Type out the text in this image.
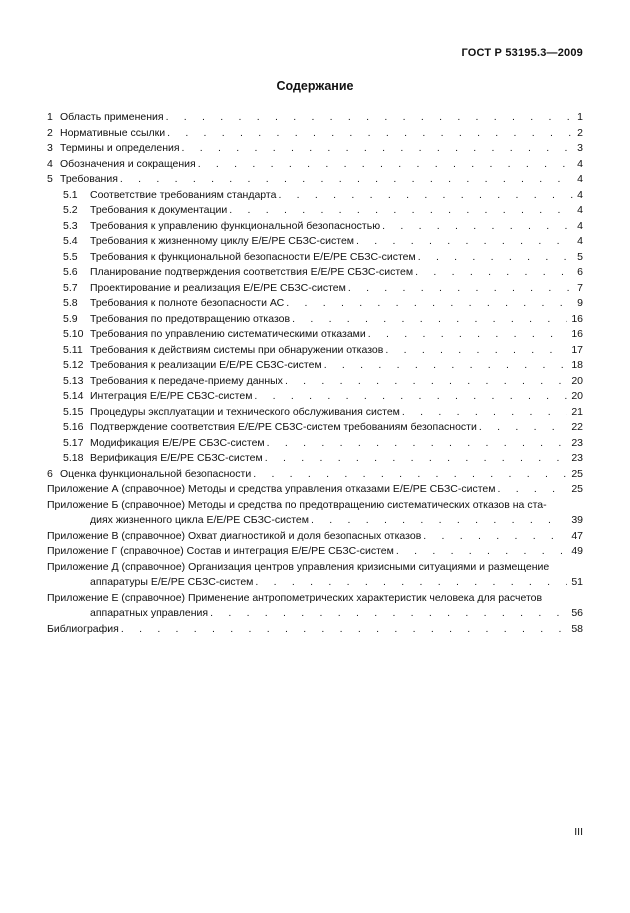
ГОСТ Р 53195.3—2009
Содержание
1 Область применения . . .	1
2 Нормативные ссылки . . .	2
3 Термины и определения . . .	3
4 Обозначения и сокращения . . .	4
5 Требования . . .	4
5.1	Соответствие требованиям стандарта . . .	4
5.2	Требования к документации . . .	4
5.3	Требования к управлению функциональной безопасностью . . .	4
5.4	Требования к жизненному циклу Е/Е/РЕ СБЗС-систем . . .	4
5.5	Требования к функциональной безопасности Е/Е/РЕ СБЗС-систем . . .	5
5.6	Планирование подтверждения соответствия Е/Е/РЕ СБЗС-систем . . .	6
5.7	Проектирование и реализация Е/Е/РЕ СБЗС-систем . . .	7
5.8	Требования к полноте безопасности АС . . .	9
5.9	Требования по предотвращению отказов . . .	16
5.10 Требования по управлению систематическими отказами . . .	16
5.11 Требования к действиям системы при обнаружении отказов . . .	17
5.12 Требования к реализации Е/Е/РЕ СБЗС-систем . . .	18
5.13 Требования к передаче-приему данных . . .	20
5.14 Интеграция Е/Е/РЕ СБЗС-систем . . .	20
5.15 Процедуры эксплуатации и технического обслуживания систем . . .	21
5.16 Подтверждение соответствия Е/Е/РЕ СБЗС-систем требованиям безопасности . . .	22
5.17 Модификация Е/Е/РЕ СБЗС-систем . . .	23
5.18 Верификация Е/Е/РЕ СБЗС-систем . . .	23
6 Оценка функциональной безопасности . . .	25
Приложение А (справочное) Методы и средства управления отказами Е/Е/РЕ СБЗС-систем . . .	25
Приложение Б (справочное) Методы и средства по предотвращению систематических отказов на ста-
диях жизненного цикла Е/Е/РЕ СБЗС-систем . . .	39
Приложение В (справочное) Охват диагностикой и доля безопасных отказов . . .	47
Приложение Г (справочное) Состав и интеграция Е/Е/РЕ СБЗС-систем . . .	49
Приложение Д (справочное) Организация центров управления кризисными ситуациями и размещение
аппаратуры Е/Е/РЕ СБЗС-систем . . .	51
Приложение Е (справочное) Применение антропометрических характеристик человека для расчетов
аппаратных управления . . .	56
Библиография . . .	58
III
